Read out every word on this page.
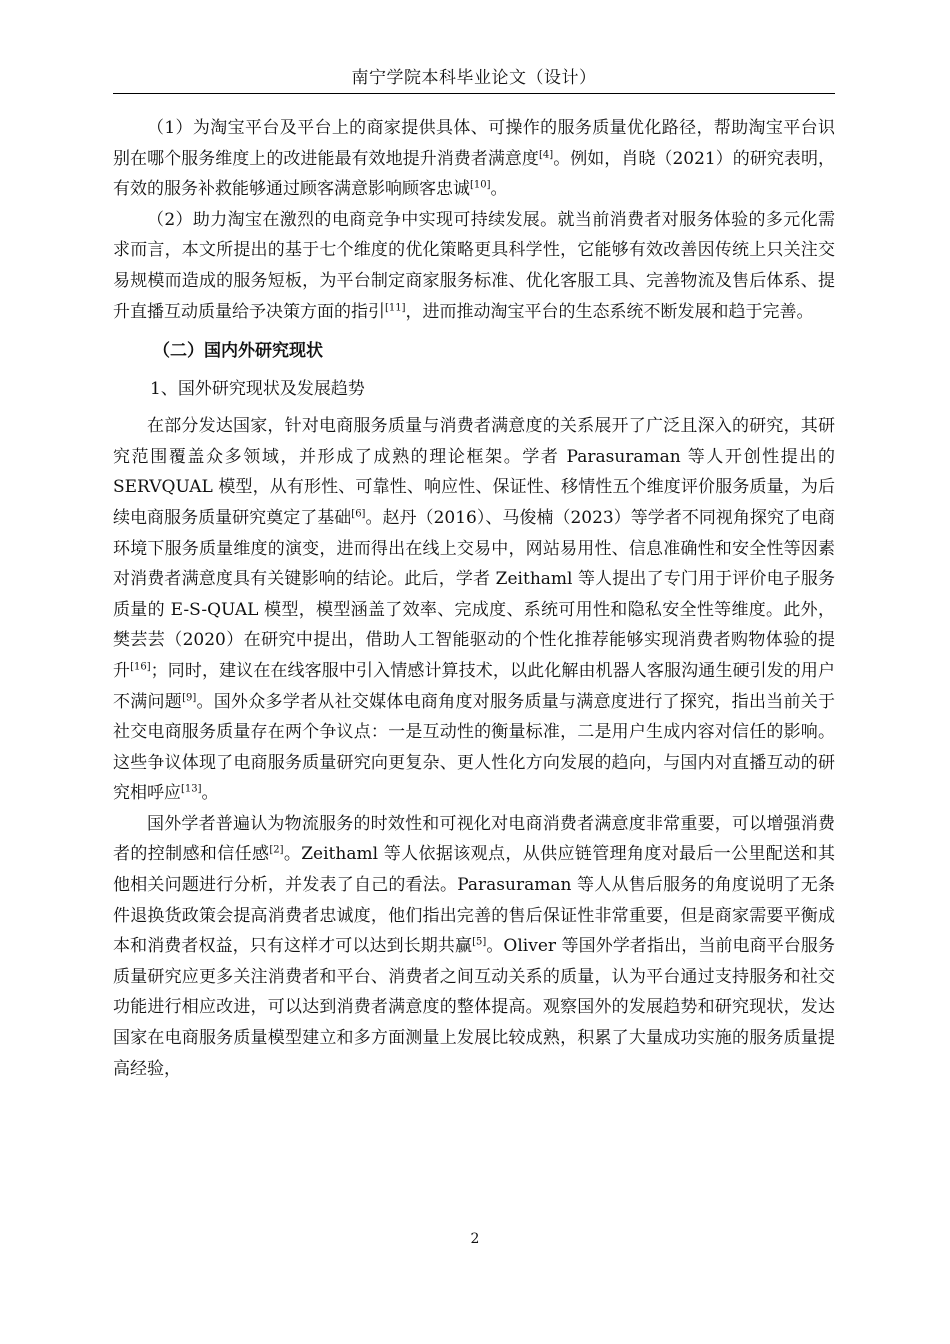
南宁学院本科毕业论文（设计）

（1）为淘宝平台及平台上的商家提供具体、可操作的服务质量优化路径，帮助淘宝平台识别在哪个服务维度上的改进能最有效地提升消费者满意度[4]。例如，肖晓（2021）的研究表明，有效的服务补救能够通过顾客满意影响顾客忠诚[10]。

（2）助力淘宝在激烈的电商竞争中实现可持续发展。就当前消费者对服务体验的多元化需求而言，本文所提出的基于七个维度的优化策略更具科学性，它能够有效改善因传统上只关注交易规模而造成的服务短板，为平台制定商家服务标准、优化客服工具、完善物流及售后体系、提升直播互动质量给予决策方面的指引[11]，进而推动淘宝平台的生态系统不断发展和趋于完善。

（二）国内外研究现状
1、国外研究现状及发展趋势

在部分发达国家，针对电商服务质量与消费者满意度的关系展开了广泛且深入的研究，其研究范围覆盖众多领域，并形成了成熟的理论框架。学者 Parasuraman 等人开创性提出的 SERVQUAL 模型，从有形性、可靠性、响应性、保证性、移情性五个维度评价服务质量，为后续电商服务质量研究奠定了基础[6]。赵丹（2016）、马俊楠（2023）等学者不同视角探究了电商环境下服务质量维度的演变，进而得出在线上交易中，网站易用性、信息准确性和安全性等因素对消费者满意度具有关键影响的结论。此后，学者 Zeithaml 等人提出了专门用于评价电子服务质量的 E-S-QUAL 模型，模型涵盖了效率、完成度、系统可用性和隐私安全性等维度。此外，樊芸芸（2020）在研究中提出，借助人工智能驱动的个性化推荐能够实现消费者购物体验的提升[16]；同时，建议在在线客服中引入情感计算技术，以此化解由机器人客服沟通生硬引发的用户不满问题[9]。国外众多学者从社交媒体电商角度对服务质量与满意度进行了探究，指出当前关于社交电商服务质量存在两个争议点：一是互动性的衡量标准，二是用户生成内容对信任的影响。这些争议体现了电商服务质量研究向更复杂、更人性化方向发展的趋向，与国内对直播互动的研究相呼应[13]。

国外学者普遍认为物流服务的时效性和可视化对电商消费者满意度非常重要，可以增强消费者的控制感和信任感[2]。Zeithaml 等人依据该观点，从供应链管理角度对最后一公里配送和其他相关问题进行分析，并发表了自己的看法。Parasuraman 等人从售后服务的角度说明了无条件退换货政策会提高消费者忠诚度，他们指出完善的售后保证性非常重要，但是商家需要平衡成本和消费者权益，只有这样才可以达到长期共赢[5]。Oliver 等国外学者指出，当前电商平台服务质量研究应更多关注消费者和平台、消费者之间互动关系的质量，认为平台通过支持服务和社交功能进行相应改进，可以达到消费者满意度的整体提高。观察国外的发展趋势和研究现状，发达国家在电商服务质量模型建立和多方面测量上发展比较成熟，积累了大量成功实施的服务质量提高经验，

2
